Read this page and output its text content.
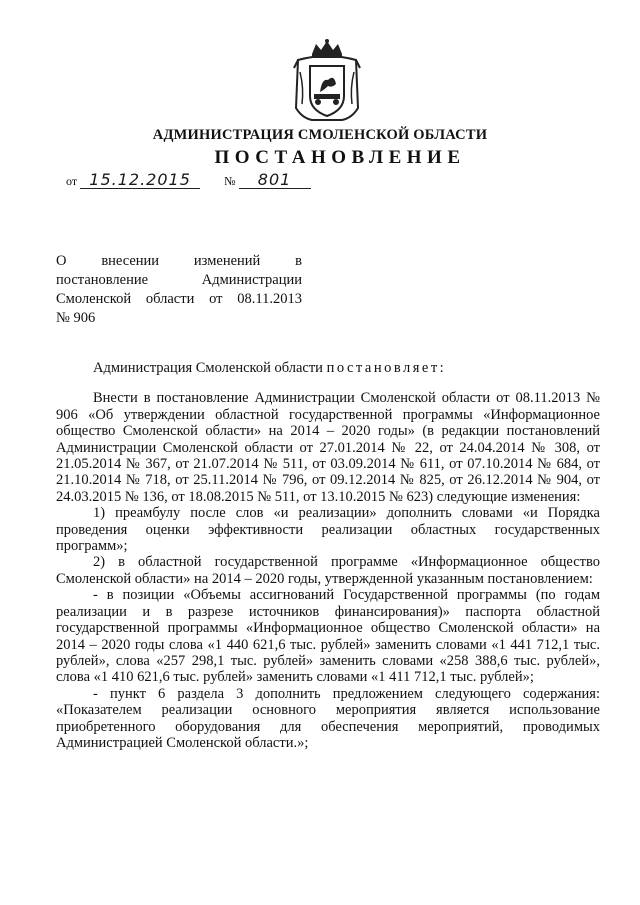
АДМИНИСТРАЦИЯ СМОЛЕНСКОЙ ОБЛАСТИ
ПОСТАНОВЛЕНИЕ
от 15.12.2015	№ 801
О внесении изменений в
постановление Администрации
Смоленской области от 08.11.2013
№ 906

Администрация Смоленской области постановляет:

Внести в постановление Администрации Смоленской области от 08.11.2013 № 906 «Об утверждении областной государственной программы «Информационное общество Смоленской области» на 2014 – 2020 годы» (в редакции постановлений Администрации Смоленской области от 27.01.2014 № 22, от 24.04.2014 № 308, от 21.05.2014 № 367, от 21.07.2014 № 511, от 03.09.2014 № 611, от 07.10.2014 № 684, от 21.10.2014 № 718, от 25.11.2014 № 796, от 09.12.2014 № 825, от 26.12.2014 № 904, от 24.03.2015 № 136, от 18.08.2015 № 511, от 13.10.2015 № 623) следующие изменения:

1) преамбулу после слов «и реализации» дополнить словами «и Порядка проведения оценки эффективности реализации областных государственных программ»;

2) в областной государственной программе «Информационное общество Смоленской области» на 2014 – 2020 годы, утвержденной указанным постановлением:

- в позиции «Объемы ассигнований Государственной программы (по годам реализации и в разрезе источников финансирования)» паспорта областной государственной программы «Информационное общество Смоленской области» на 2014 – 2020 годы слова «1 440 621,6 тыс. рублей» заменить словами «1 441 712,1 тыс. рублей», слова «257 298,1 тыс. рублей» заменить словами «258 388,6 тыс. рублей», слова «1 410 621,6 тыс. рублей» заменить словами «1 411 712,1 тыс. рублей»;

- пункт 6 раздела 3 дополнить предложением следующего содержания: «Показателем реализации основного мероприятия является использование приобретенного оборудования для обеспечения мероприятий, проводимых Администрацией Смоленской области.»;
